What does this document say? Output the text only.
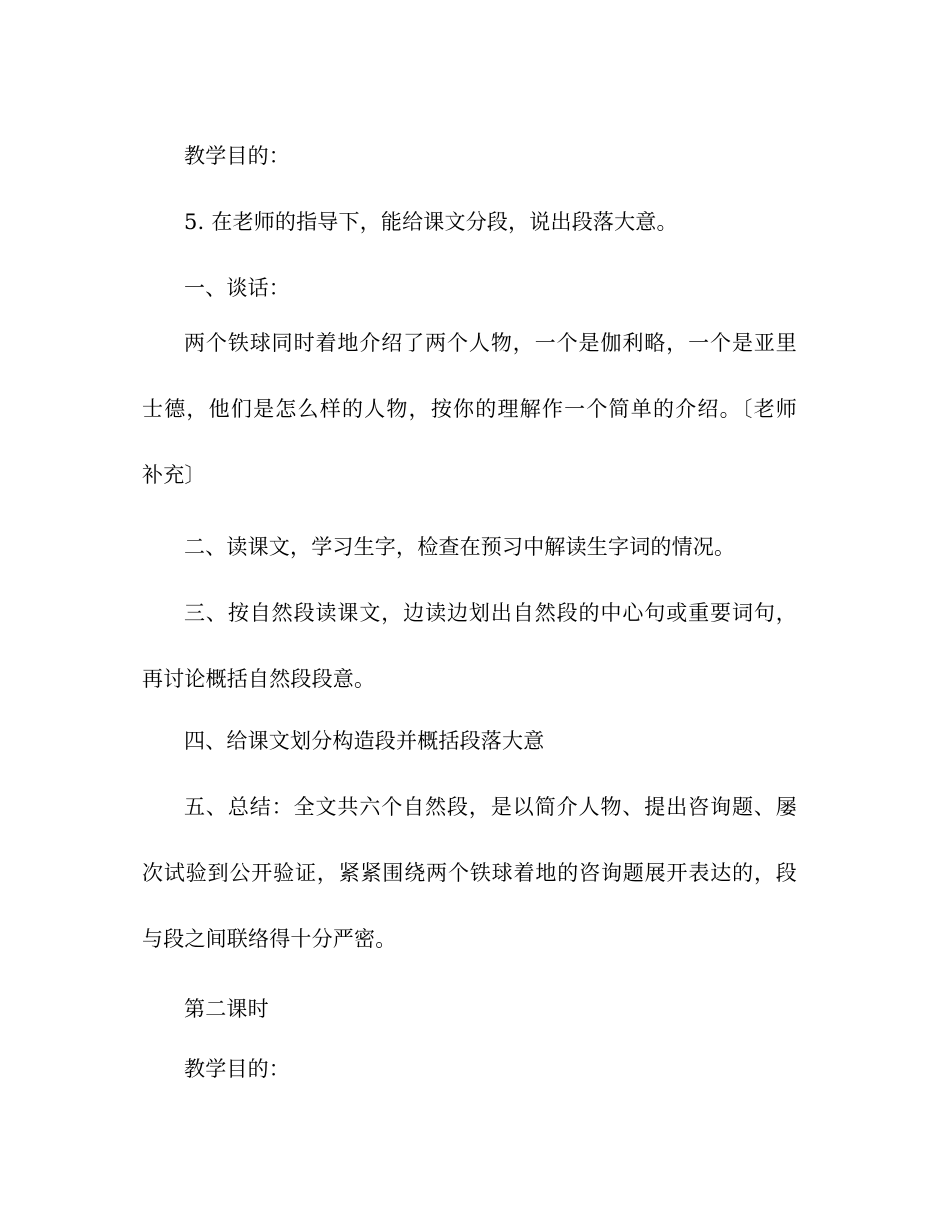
教学目的：
5. 在老师的指导下，能给课文分段，说出段落大意。
一、谈话：
两个铁球同时着地介绍了两个人物，一个是伽利略，一个是亚里
士德，他们是怎么样的人物，按你的理解作一个简单的介绍。〔老师
补充〕
二、读课文，学习生字，检查在预习中解读生字词的情况。
三、按自然段读课文，边读边划出自然段的中心句或重要词句，
再讨论概括自然段段意。
四、给课文划分构造段并概括段落大意
五、总结：全文共六个自然段，是以简介人物、提出咨询题、屡
次试验到公开验证，紧紧围绕两个铁球着地的咨询题展开表达的，段
与段之间联络得十分严密。
第二课时
教学目的：
